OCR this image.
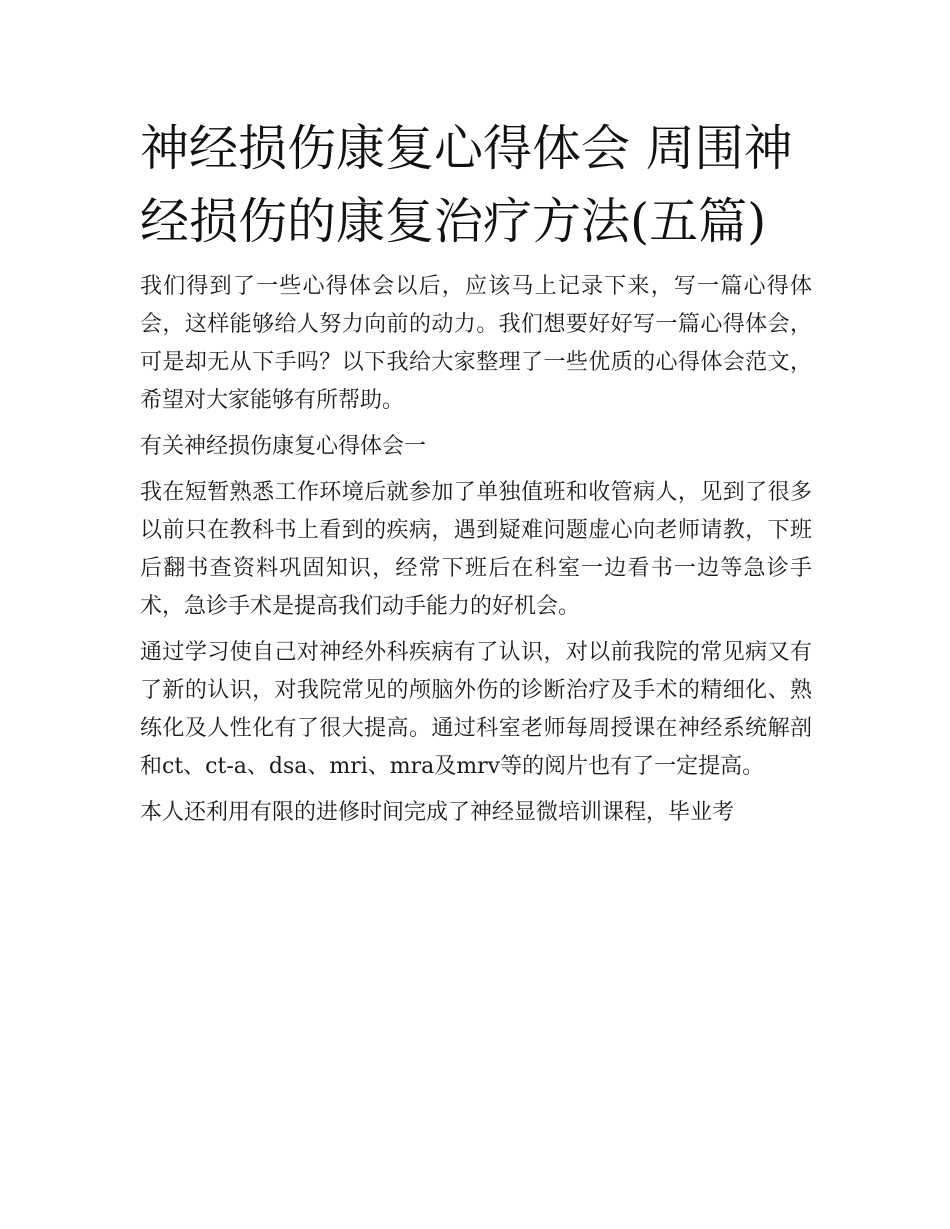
神经损伤康复心得体会 周围神经损伤的康复治疗方法(五篇)

我们得到了一些心得体会以后，应该马上记录下来，写一篇心得体会，这样能够给人努力向前的动力。我们想要好好写一篇心得体会，可是却无从下手吗？以下我给大家整理了一些优质的心得体会范文，希望对大家能够有所帮助。

有关神经损伤康复心得体会一

我在短暂熟悉工作环境后就参加了单独值班和收管病人，见到了很多以前只在教科书上看到的疾病，遇到疑难问题虚心向老师请教，下班后翻书查资料巩固知识，经常下班后在科室一边看书一边等急诊手术，急诊手术是提高我们动手能力的好机会。

通过学习使自己对神经外科疾病有了认识，对以前我院的常见病又有了新的认识，对我院常见的颅脑外伤的诊断治疗及手术的精细化、熟练化及人性化有了很大提高。通过科室老师每周授课在神经系统解剖和ct、ct-a、dsa、mri、mra及mrv等的阅片也有了一定提高。

本人还利用有限的进修时间完成了神经显微培训课程，毕业考
